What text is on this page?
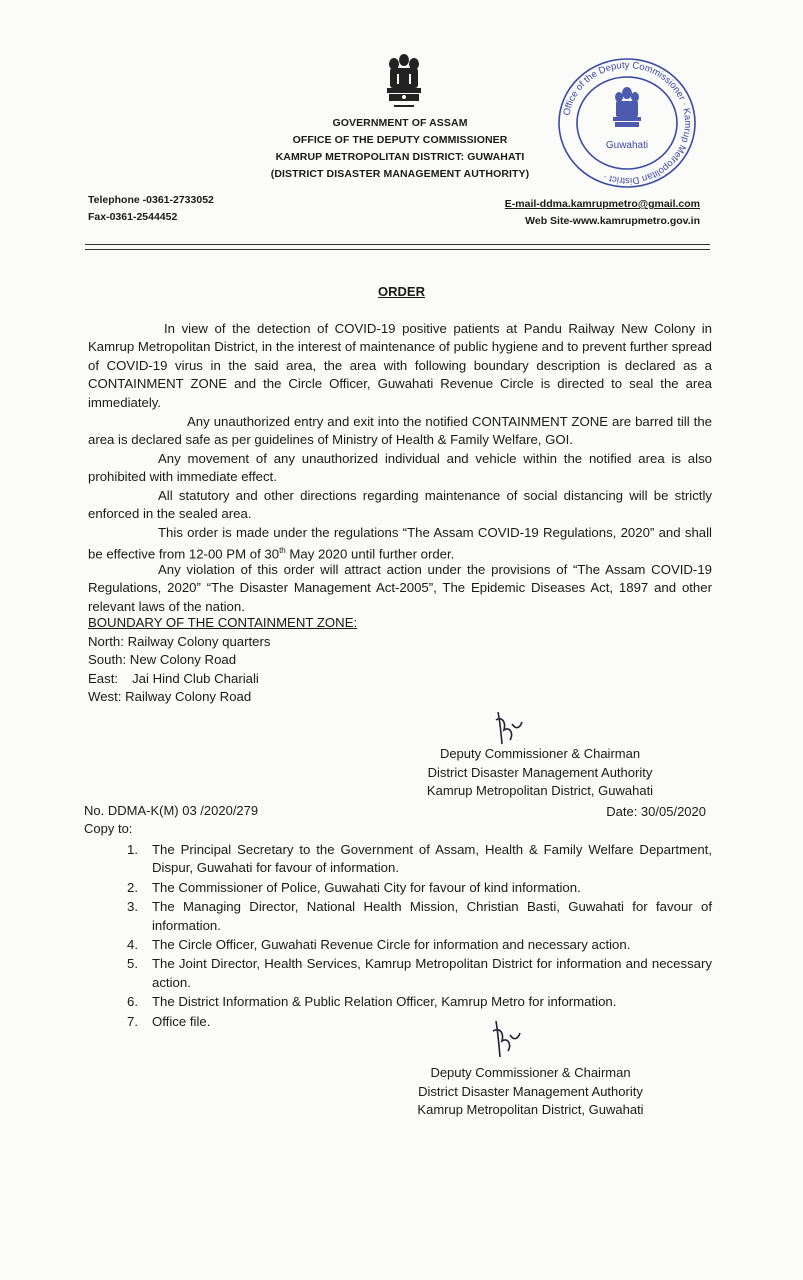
GOVERNMENT OF ASSAM
OFFICE OF THE DEPUTY COMMISSIONER
KAMRUP METROPOLITAN DISTRICT: GUWAHATI
(DISTRICT DISASTER MANAGEMENT AUTHORITY)
Office of the Deputy Commissioner · Kamrup Metropolitan District ·
Guwahati
Telephone -0361-2733052
Fax-0361-2544452
E-mail-ddma.kamrupmetro@gmail.com
Web Site-www.kamrupmetro.gov.in
ORDER
In view of the detection of COVID-19 positive patients at Pandu Railway New Colony in Kamrup Metropolitan District, in the interest of maintenance of public hygiene and to prevent further spread of COVID-19 virus in the said area, the area with following boundary description is declared as a CONTAINMENT ZONE and the Circle Officer, Guwahati Revenue Circle is directed to seal the area immediately.
Any unauthorized entry and exit into the notified CONTAINMENT ZONE are barred till the area is declared safe as per guidelines of Ministry of Health & Family Welfare, GOI.
Any movement of any unauthorized individual and vehicle within the notified area is also prohibited with immediate effect.
All statutory and other directions regarding maintenance of social distancing will be strictly enforced in the sealed area.
This order is made under the regulations “The Assam COVID-19 Regulations, 2020” and shall be effective from 12-00 PM of 30th May 2020 until further order.
Any violation of this order will attract action under the provisions of “The Assam COVID-19 Regulations, 2020” “The Disaster Management Act-2005”, The Epidemic Diseases Act, 1897 and other relevant laws of the nation.
BOUNDARY OF THE CONTAINMENT ZONE:
North: Railway Colony quarters
South: New Colony Road
East: Jai Hind Club Chariali
West: Railway Colony Road
Deputy Commissioner & Chairman
District Disaster Management Authority
Kamrup Metropolitan District, Guwahati
No. DDMA-K(M) 03 /2020/279	Date: 30/05/2020
Copy to:
1.	The Principal Secretary to the Government of Assam, Health & Family Welfare Department, Dispur, Guwahati for favour of information.
2.	The Commissioner of Police, Guwahati City for favour of kind information.
3.	The Managing Director, National Health Mission, Christian Basti, Guwahati for favour of information.
4.	The Circle Officer, Guwahati Revenue Circle for information and necessary action.
5.	The Joint Director, Health Services, Kamrup Metropolitan District for information and necessary action.
6.	The District Information & Public Relation Officer, Kamrup Metro for information.
7.	Office file.
Deputy Commissioner & Chairman
District Disaster Management Authority
Kamrup Metropolitan District, Guwahati
